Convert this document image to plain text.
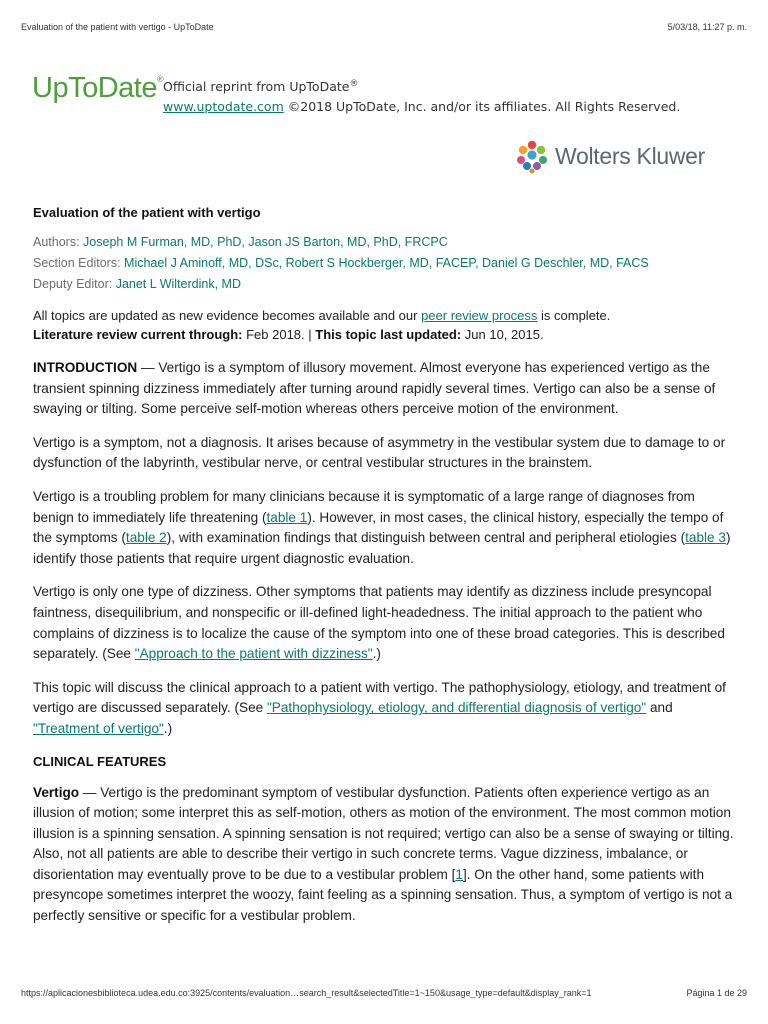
Evaluation of the patient with vertigo - UpToDate	5/03/18, 11:27 p. m.
UpToDate®
Official reprint from UpToDate®
www.uptodate.com ©2018 UpToDate, Inc. and/or its affiliates. All Rights Reserved.
Wolters Kluwer
Evaluation of the patient with vertigo
Authors: Joseph M Furman, MD, PhD, Jason JS Barton, MD, PhD, FRCPC
Section Editors: Michael J Aminoff, MD, DSc, Robert S Hockberger, MD, FACEP, Daniel G Deschler, MD, FACS
Deputy Editor: Janet L Wilterdink, MD
All topics are updated as new evidence becomes available and our peer review process is complete.
Literature review current through: Feb 2018. | This topic last updated: Jun 10, 2015.

INTRODUCTION — Vertigo is a symptom of illusory movement. Almost everyone has experienced vertigo as the transient spinning dizziness immediately after turning around rapidly several times. Vertigo can also be a sense of swaying or tilting. Some perceive self-motion whereas others perceive motion of the environment.

Vertigo is a symptom, not a diagnosis. It arises because of asymmetry in the vestibular system due to damage to or dysfunction of the labyrinth, vestibular nerve, or central vestibular structures in the brainstem.

Vertigo is a troubling problem for many clinicians because it is symptomatic of a large range of diagnoses from benign to immediately life threatening (table 1). However, in most cases, the clinical history, especially the tempo of the symptoms (table 2), with examination findings that distinguish between central and peripheral etiologies (table 3) identify those patients that require urgent diagnostic evaluation.

Vertigo is only one type of dizziness. Other symptoms that patients may identify as dizziness include presyncopal faintness, disequilibrium, and nonspecific or ill-defined light-headedness. The initial approach to the patient who complains of dizziness is to localize the cause of the symptom into one of these broad categories. This is described separately. (See "Approach to the patient with dizziness".)

This topic will discuss the clinical approach to a patient with vertigo. The pathophysiology, etiology, and treatment of vertigo are discussed separately. (See "Pathophysiology, etiology, and differential diagnosis of vertigo" and "Treatment of vertigo".)

CLINICAL FEATURES

Vertigo — Vertigo is the predominant symptom of vestibular dysfunction. Patients often experience vertigo as an illusion of motion; some interpret this as self-motion, others as motion of the environment. The most common motion illusion is a spinning sensation. A spinning sensation is not required; vertigo can also be a sense of swaying or tilting. Also, not all patients are able to describe their vertigo in such concrete terms. Vague dizziness, imbalance, or disorientation may eventually prove to be due to a vestibular problem [1]. On the other hand, some patients with presyncope sometimes interpret the woozy, faint feeling as a spinning sensation. Thus, a symptom of vertigo is not a perfectly sensitive or specific for a vestibular problem.

https://aplicacionesbiblioteca.udea.edu.co:3925/contents/evaluation…search_result&selectedTitle=1~150&usage_type=default&display_rank=1	Página 1 de 29
